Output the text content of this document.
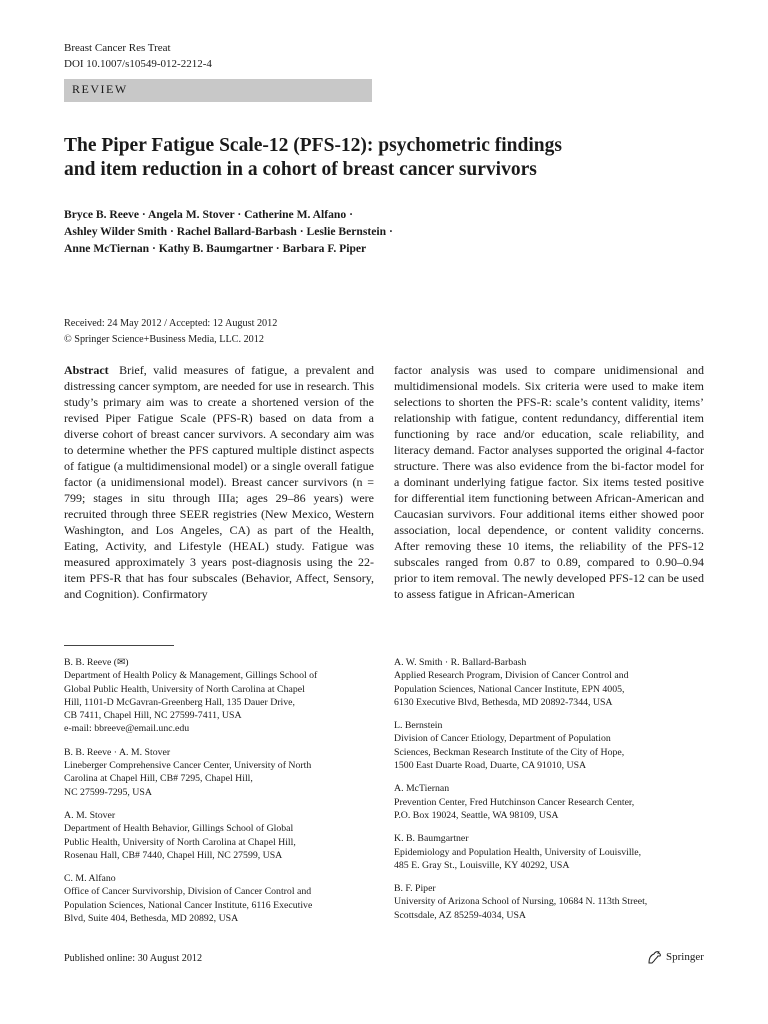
Breast Cancer Res Treat
DOI 10.1007/s10549-012-2212-4
REVIEW
The Piper Fatigue Scale-12 (PFS-12): psychometric findings
and item reduction in a cohort of breast cancer survivors
Bryce B. Reeve · Angela M. Stover · Catherine M. Alfano ·
Ashley Wilder Smith · Rachel Ballard-Barbash · Leslie Bernstein ·
Anne McTiernan · Kathy B. Baumgartner · Barbara F. Piper
Received: 24 May 2012 / Accepted: 12 August 2012
© Springer Science+Business Media, LLC. 2012
Abstract Brief, valid measures of fatigue, a prevalent and distressing cancer symptom, are needed for use in research. This study’s primary aim was to create a shortened version of the revised Piper Fatigue Scale (PFS-R) based on data from a diverse cohort of breast cancer survivors. A secondary aim was to determine whether the PFS captured multiple distinct aspects of fatigue (a multidimensional model) or a single overall fatigue factor (a unidimensional model). Breast cancer survivors (n = 799; stages in situ through IIIa; ages 29–86 years) were recruited through three SEER registries (New Mexico, Western Washington, and Los Angeles, CA) as part of the Health, Eating, Activity, and Lifestyle (HEAL) study. Fatigue was measured approximately 3 years post-diagnosis using the 22-item PFS-R that has four subscales (Behavior, Affect, Sensory, and Cognition). Confirmatory
factor analysis was used to compare unidimensional and multidimensional models. Six criteria were used to make item selections to shorten the PFS-R: scale’s content validity, items’ relationship with fatigue, content redundancy, differential item functioning by race and/or education, scale reliability, and literacy demand. Factor analyses supported the original 4-factor structure. There was also evidence from the bi-factor model for a dominant underlying fatigue factor. Six items tested positive for differential item functioning between African-American and Caucasian survivors. Four additional items either showed poor association, local dependence, or content validity concerns. After removing these 10 items, the reliability of the PFS-12 subscales ranged from 0.87 to 0.89, compared to 0.90–0.94 prior to item removal. The newly developed PFS-12 can be used to assess fatigue in African-American
B. B. Reeve (✉)
Department of Health Policy & Management, Gillings School of
Global Public Health, University of North Carolina at Chapel
Hill, 1101-D McGavran-Greenberg Hall, 135 Dauer Drive,
CB 7411, Chapel Hill, NC 27599-7411, USA
e-mail: bbreeve@email.unc.edu
B. B. Reeve · A. M. Stover
Lineberger Comprehensive Cancer Center, University of North
Carolina at Chapel Hill, CB# 7295, Chapel Hill,
NC 27599-7295, USA
A. M. Stover
Department of Health Behavior, Gillings School of Global
Public Health, University of North Carolina at Chapel Hill,
Rosenau Hall, CB# 7440, Chapel Hill, NC 27599, USA
C. M. Alfano
Office of Cancer Survivorship, Division of Cancer Control and
Population Sciences, National Cancer Institute, 6116 Executive
Blvd, Suite 404, Bethesda, MD 20892, USA
A. W. Smith · R. Ballard-Barbash
Applied Research Program, Division of Cancer Control and
Population Sciences, National Cancer Institute, EPN 4005,
6130 Executive Blvd, Bethesda, MD 20892-7344, USA
L. Bernstein
Division of Cancer Etiology, Department of Population
Sciences, Beckman Research Institute of the City of Hope,
1500 East Duarte Road, Duarte, CA 91010, USA
A. McTiernan
Prevention Center, Fred Hutchinson Cancer Research Center,
P.O. Box 19024, Seattle, WA 98109, USA
K. B. Baumgartner
Epidemiology and Population Health, University of Louisville,
485 E. Gray St., Louisville, KY 40292, USA
B. F. Piper
University of Arizona School of Nursing, 10684 N. 113th Street,
Scottsdale, AZ 85259-4034, USA
Published online: 30 August 2012	Springer
